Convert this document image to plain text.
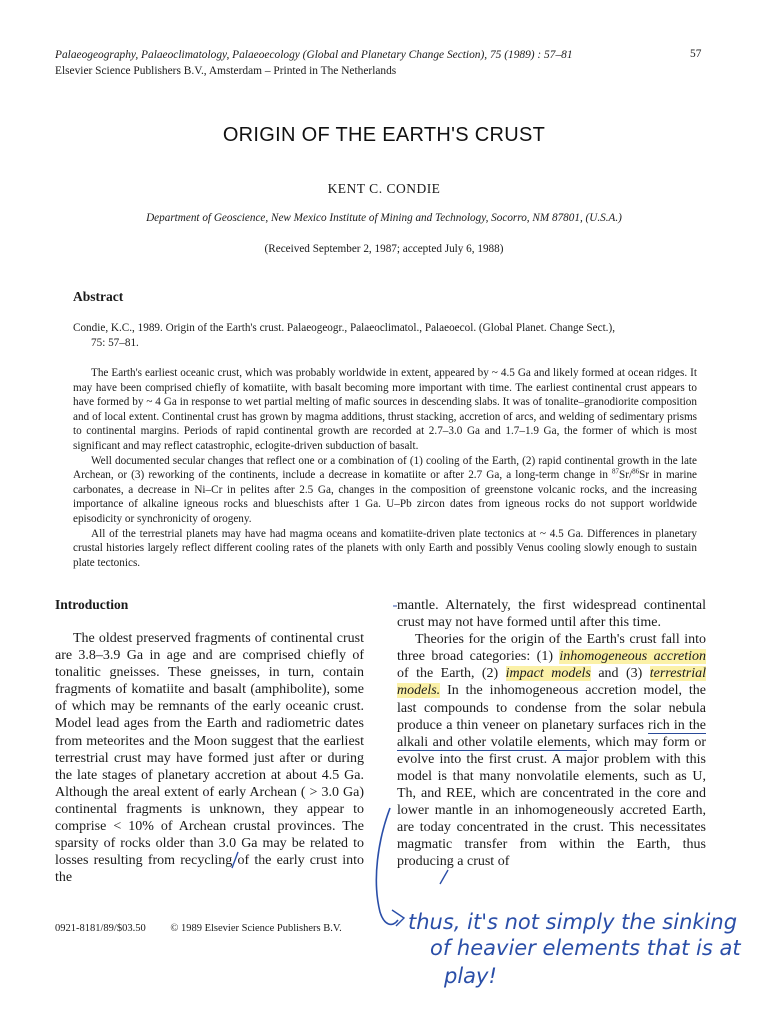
Palaeogeography, Palaeoclimatology, Palaeoecology (Global and Planetary Change Section), 75 (1989) : 57–81
Elsevier Science Publishers B.V., Amsterdam – Printed in The Netherlands
57
ORIGIN OF THE EARTH'S CRUST
KENT C. CONDIE
Department of Geoscience, New Mexico Institute of Mining and Technology, Socorro, NM 87801, (U.S.A.)
(Received September 2, 1987; accepted July 6, 1988)
Abstract
Condie, K.C., 1989. Origin of the Earth's crust. Palaeogeogr., Palaeoclimatol., Palaeoecol. (Global Planet. Change Sect.),
75: 57–81.

The Earth's earliest oceanic crust, which was probably worldwide in extent, appeared by ~ 4.5 Ga and likely formed at ocean ridges. It may have been comprised chiefly of komatiite, with basalt becoming more important with time. The earliest continental crust appears to have formed by ~ 4 Ga in response to wet partial melting of mafic sources in descending slabs. It was of tonalite–granodiorite composition and of local extent. Continental crust has grown by magma additions, thrust stacking, accretion of arcs, and welding of sedimentary prisms to continental margins. Periods of rapid continental growth are recorded at 2.7–3.0 Ga and 1.7–1.9 Ga, the former of which is most significant and may reflect catastrophic, eclogite-driven subduction of basalt.

Well documented secular changes that reflect one or a combination of (1) cooling of the Earth, (2) rapid continental growth in the late Archean, or (3) reworking of the continents, include a decrease in komatiite or after 2.7 Ga, a long-term change in $^{87}$Sr/$^{86}$Sr in marine carbonates, a decrease in Ni–Cr in pelites after 2.5 Ga, changes in the composition of greenstone volcanic rocks, and the increasing importance of alkaline igneous rocks and blueschists after 1 Ga. U–Pb zircon dates from igneous rocks do not support worldwide episodicity or synchronicity of orogeny.

All of the terrestrial planets may have had magma oceans and komatiite-driven plate tectonics at ~ 4.5 Ga. Differences in planetary crustal histories largely reflect different cooling rates of the planets with only Earth and possibly Venus cooling slowly enough to sustain plate tectonics.

Introduction

The oldest preserved fragments of continental crust are 3.8–3.9 Ga in age and are comprised chiefly of tonalitic gneisses. These gneisses, in turn, contain fragments of komatiite and basalt (amphibolite), some of which may be remnants of the early oceanic crust. Model lead ages from the Earth and radiometric dates from meteorites and the Moon suggest that the earliest terrestrial crust may have formed just after or during the late stages of planetary accretion at about 4.5 Ga. Although the areal extent of early Archean ( > 3.0 Ga) continental fragments is unknown, they appear to comprise < 10% of Archean crustal provinces. The sparsity of rocks older than 3.0 Ga may be related to losses resulting from recycling of the early crust into the

mantle. Alternately, the first widespread continental crust may not have formed until after this time.

Theories for the origin of the Earth's crust fall into three broad categories: (1) inhomogeneous accretion of the Earth, (2) impact models and (3) terrestrial models. In the inhomogeneous accretion model, the last compounds to condense from the solar nebula produce a thin veneer on planetary surfaces rich in the alkali and other volatile elements, which may form or evolve into the first crust. A major problem with this model is that many nonvolatile elements, such as U, Th, and REE, which are concentrated in the core and lower mantle in an inhomogeneously accreted Earth, are today concentrated in the crust. This necessitates magmatic transfer from within the Earth, thus producing a crust of

0921-8181/89/$03.50 © 1989 Elsevier Science Publishers B.V.	thus, it's not simply the sinking
of heavier elements that is at
play!
